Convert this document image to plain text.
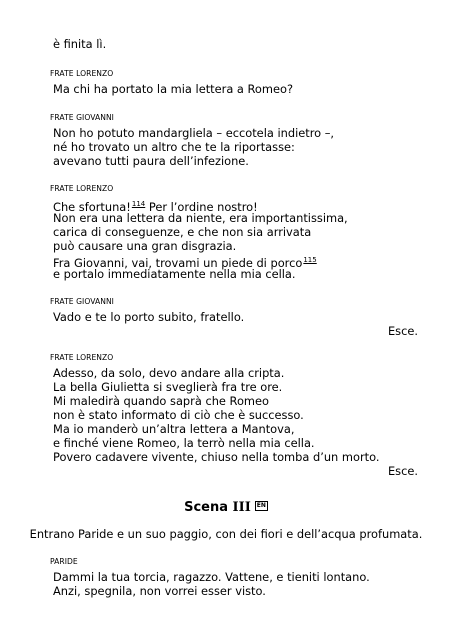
è finita lì.
FRATE LORENZO
Ma chi ha portato la mia lettera a Romeo?
FRATE GIOVANNI
Non ho potuto mandargliela – eccotela indietro –,
né ho trovato un altro che te la riportasse:
avevano tutti paura dell’infezione.
FRATE LORENZO
Che sfortuna!$^{114}$ Per l’ordine nostro!
Non era una lettera da niente, era importantissima,
carica di conseguenze, e che non sia arrivata
può causare una gran disgrazia.
Fra Giovanni, vai, trovami un piede di porco$^{115}$
e portalo immediatamente nella mia cella.
FRATE GIOVANNI
Vado e te lo porto subito, fratello.
Esce.
FRATE LORENZO
Adesso, da solo, devo andare alla cripta.
La bella Giulietta si sveglierà fra tre ore.
Mi maledirà quando saprà che Romeo
non è stato informato di ciò che è successo.
Ma io manderò un’altra lettera a Mantova,
e finché viene Romeo, la terrò nella mia cella.
Povero cadavere vivente, chiuso nella tomba d’un morto.
Esce.
Scena III EN
Entrano Paride e un suo paggio, con dei fiori e dell’acqua profumata.
PARIDE
Dammi la tua torcia, ragazzo. Vattene, e tieniti lontano.
Anzi, spegnila, non vorrei esser visto.
